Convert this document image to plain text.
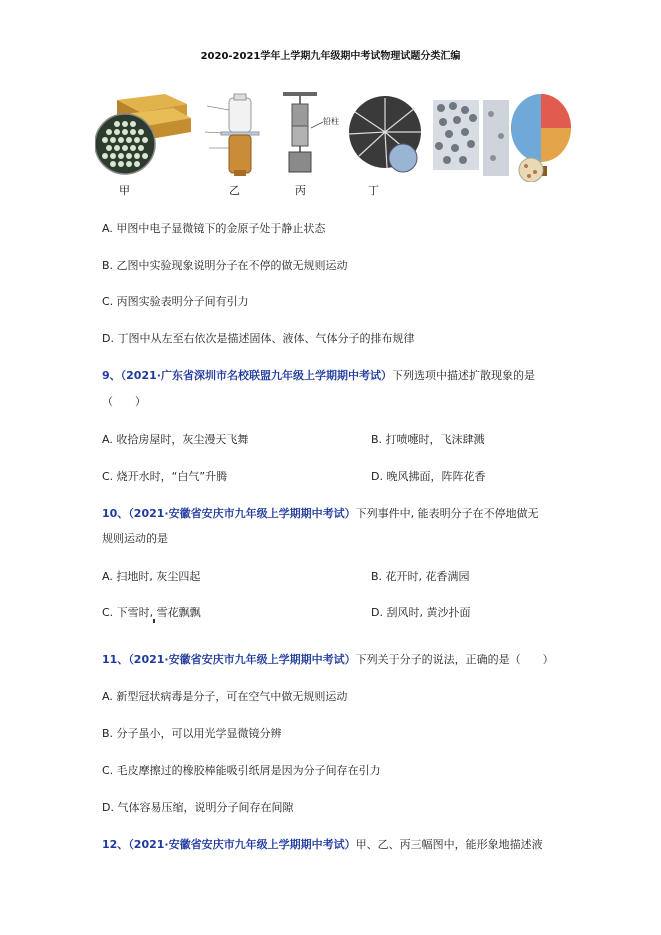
2020-2021学年上学期九年级期中考试物理试题分类汇编
甲	乙
铅柱
丙	丁
A. 甲图中电子显微镜下的金原子处于静止状态
B. 乙图中实验现象说明分子在不停的做无规则运动
C. 丙图实验表明分子间有引力
D. 丁图中从左至右依次是描述固体、液体、气体分子的排布规律
9、（2021·广东省深圳市名校联盟九年级上学期期中考试）下列选项中描述扩散现象的是
（　　）
A. 收拾房屋时，灰尘漫天飞舞	B. 打喷嚏时，飞沫肆溅
C. 烧开水时，“白气”升腾	D. 晚风拂面，阵阵花香
10、（2021·安徽省安庆市九年级上学期期中考试）下列事件中, 能表明分子在不停地做无
规则运动的是
A. 扫地时, 灰尘四起	B. 花开时, 花香满园
C. 下雪时, 雪花飘飘	D. 刮风时, 黄沙扑面
11、（2021·安徽省安庆市九年级上学期期中考试）下列关于分子的说法，正确的是（　　）
A. 新型冠状病毒是分子，可在空气中做无规则运动
B. 分子虽小，可以用光学显微镜分辨
C. 毛皮摩擦过的橡胶棒能吸引纸屑是因为分子间存在引力
D. 气体容易压缩，说明分子间存在间隙
12、（2021·安徽省安庆市九年级上学期期中考试）甲、乙、丙三幅图中，能形象地描述液
